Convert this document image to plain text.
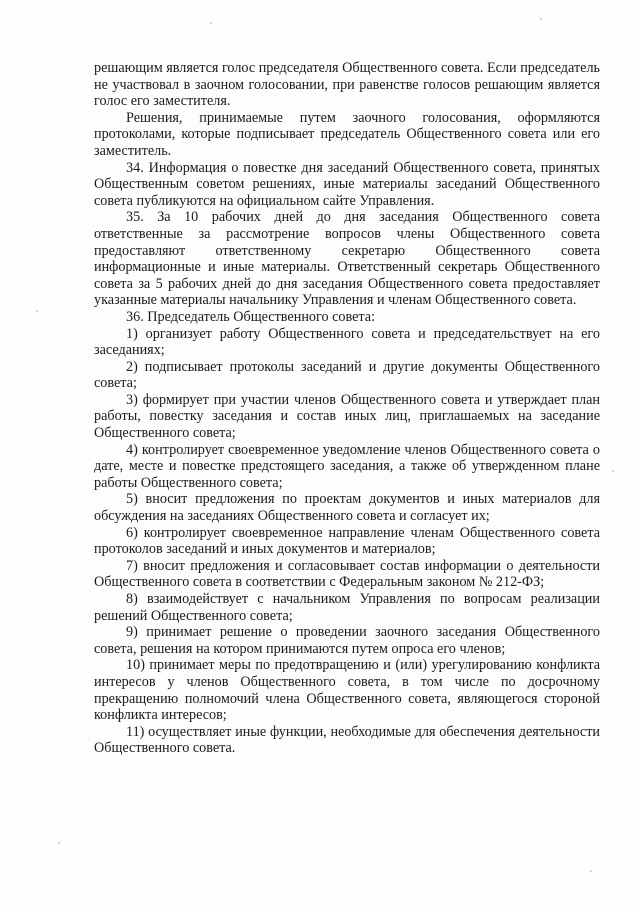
решающим является голос председателя Общественного совета. Если председатель не участвовал в заочном голосовании, при равенстве голосов решающим является голос его заместителя.

Решения, принимаемые путем заочного голосования, оформляются протоколами, которые подписывает председатель Общественного совета или его заместитель.

34. Информация о повестке дня заседаний Общественного совета, принятых Общественным советом решениях, иные материалы заседаний Общественного совета публикуются на официальном сайте Управления.

35. За 10 рабочих дней до дня заседания Общественного совета ответственные за рассмотрение вопросов члены Общественного совета предоставляют ответственному секретарю Общественного совета информационные и иные материалы. Ответственный секретарь Общественного совета за 5 рабочих дней до дня заседания Общественного совета предоставляет указанные материалы начальнику Управления и членам Общественного совета.

36. Председатель Общественного совета:

1) организует работу Общественного совета и председательствует на его заседаниях;

2) подписывает протоколы заседаний и другие документы Общественного совета;

3) формирует при участии членов Общественного совета и утверждает план работы, повестку заседания и состав иных лиц, приглашаемых на заседание Общественного совета;

4) контролирует своевременное уведомление членов Общественного совета о дате, месте и повестке предстоящего заседания, а также об утвержденном плане работы Общественного совета;

5) вносит предложения по проектам документов и иных материалов для обсуждения на заседаниях Общественного совета и согласует их;

6) контролирует своевременное направление членам Общественного совета протоколов заседаний и иных документов и материалов;

7) вносит предложения и согласовывает состав информации о деятельности Общественного совета в соответствии с Федеральным законом № 212-ФЗ;

8) взаимодействует с начальником Управления по вопросам реализации решений Общественного совета;

9) принимает решение о проведении заочного заседания Общественного совета, решения на котором принимаются путем опроса его членов;

10) принимает меры по предотвращению и (или) урегулированию конфликта интересов у членов Общественного совета, в том числе по досрочному прекращению полномочий члена Общественного совета, являющегося стороной конфликта интересов;

11) осуществляет иные функции, необходимые для обеспечения деятельности Общественного совета.
